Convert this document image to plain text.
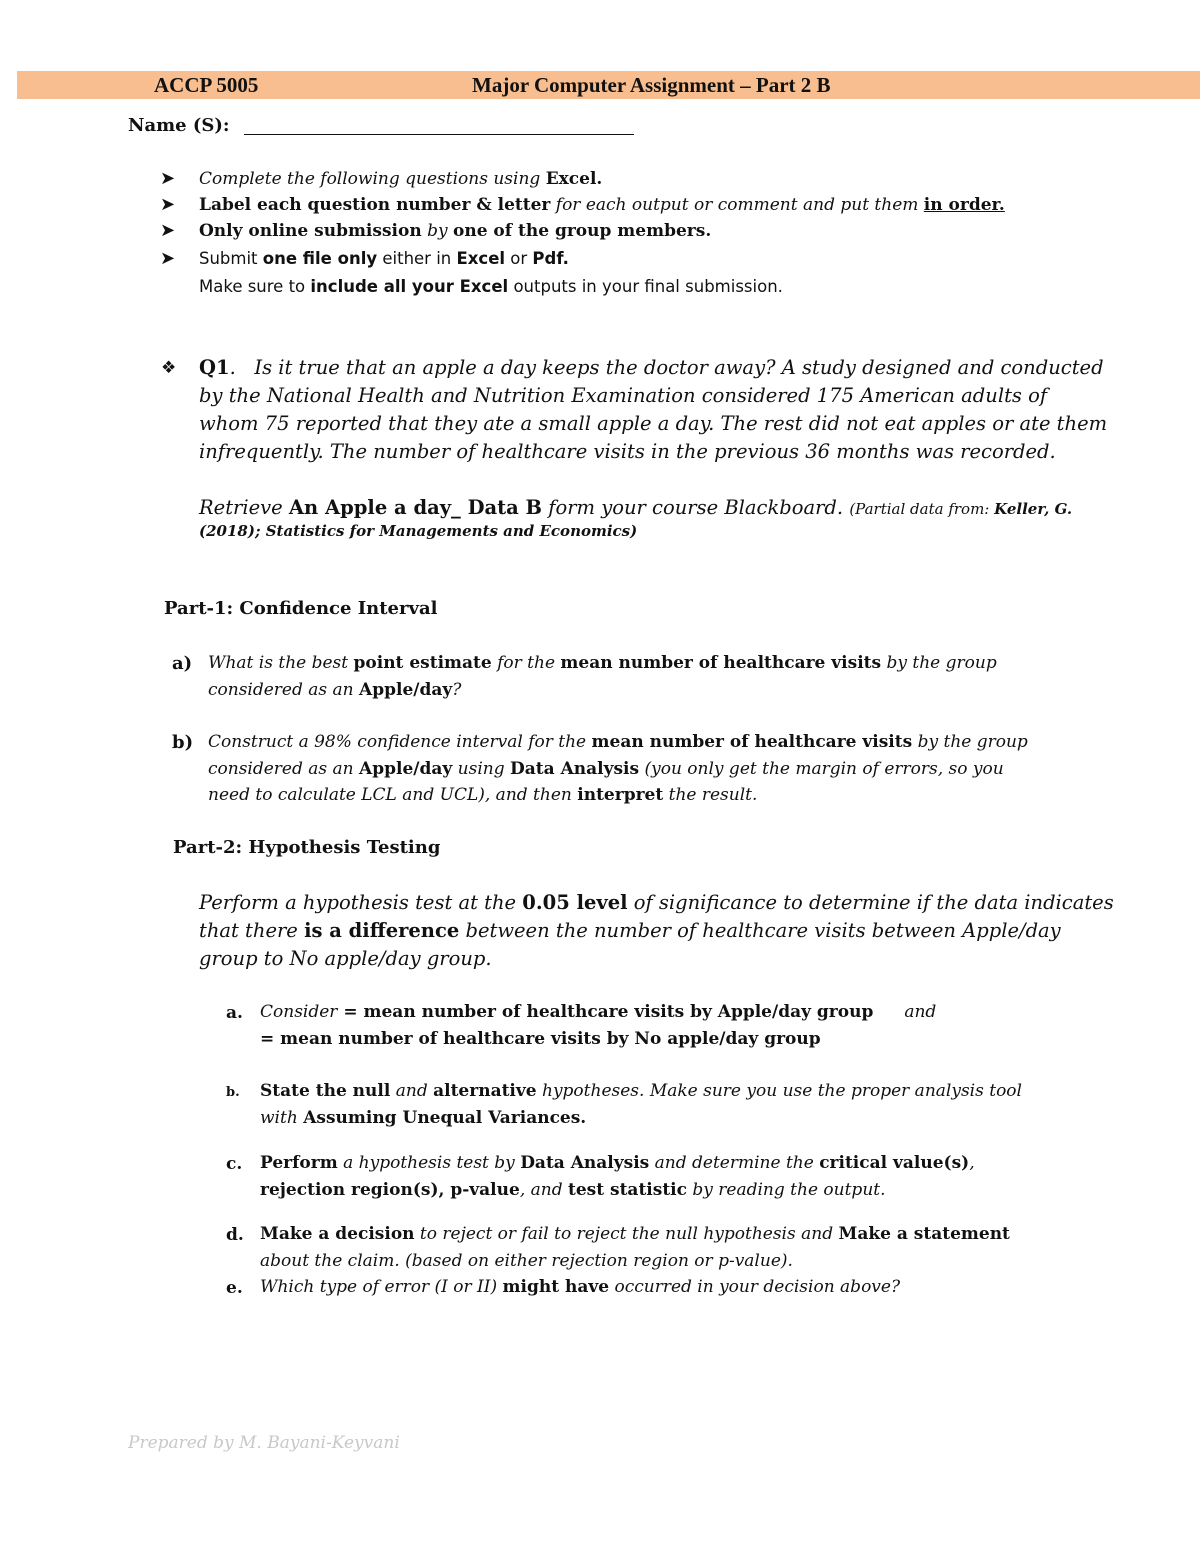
ACCP 5005	Major Computer Assignment – Part 2 B
Name (S):
➤ Complete the following questions using Excel.
➤ Label each question number & letter for each output or comment and put them in order.
➤ Only online submission by one of the group members.
➤ Submit one file only either in Excel or Pdf.
Make sure to include all your Excel outputs in your final submission.
❖ Q1. Is it true that an apple a day keeps the doctor away? A study designed and conducted
by the National Health and Nutrition Examination considered 175 American adults of
whom 75 reported that they ate a small apple a day. The rest did not eat apples or ate them
infrequently. The number of healthcare visits in the previous 36 months was recorded.
Retrieve An Apple a day_ Data B form your course Blackboard. (Partial data from: Keller, G.
(2018); Statistics for Managements and Economics)
Part-1: Confidence Interval
a) What is the best point estimate for the mean number of healthcare visits by the group
considered as an Apple/day?
b) Construct a 98% confidence interval for the mean number of healthcare visits by the group
considered as an Apple/day using Data Analysis (you only get the margin of errors, so you
need to calculate LCL and UCL), and then interpret the result.
Part-2: Hypothesis Testing
Perform a hypothesis test at the 0.05 level of significance to determine if the data indicates
that there is a difference between the number of healthcare visits between Apple/day
group to No apple/day group.
a. Consider = mean number of healthcare visits by Apple/day group and
= mean number of healthcare visits by No apple/day group
b. State the null and alternative hypotheses. Make sure you use the proper analysis tool
with Assuming Unequal Variances.
c. Perform a hypothesis test by Data Analysis and determine the critical value(s),
rejection region(s), p-value, and test statistic by reading the output.
d. Make a decision to reject or fail to reject the null hypothesis and Make a statement
about the claim. (based on either rejection region or p-value).
e. Which type of error (I or II) might have occurred in your decision above?
Prepared by M. Bayani-Keyvani
